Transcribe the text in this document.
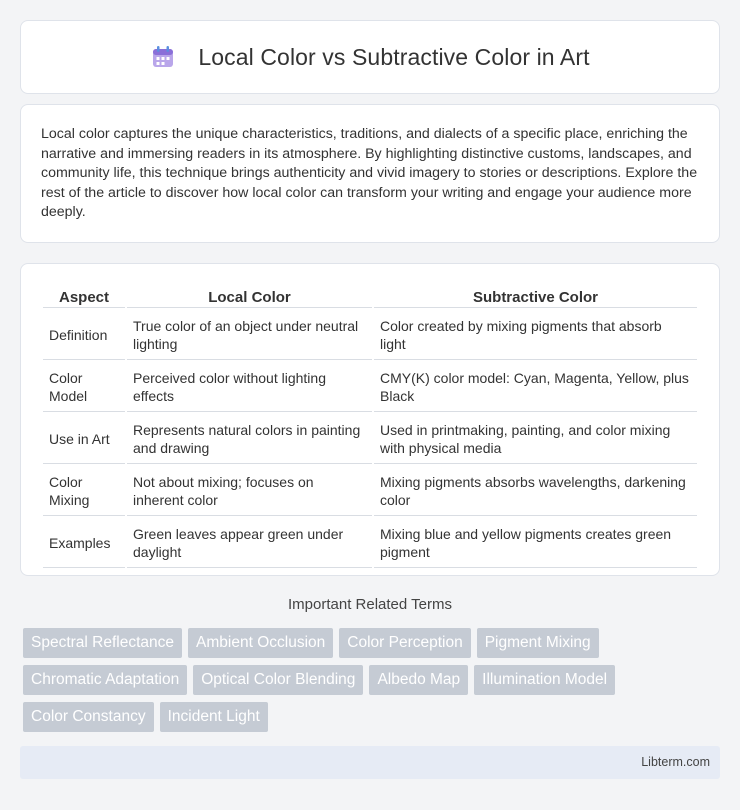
Local Color vs Subtractive Color in Art

Local color captures the unique characteristics, traditions, and dialects of a specific place, enriching the narrative and immersing readers in its atmosphere. By highlighting distinctive customs, landscapes, and community life, this technique brings authenticity and vivid imagery to stories or descriptions. Explore the rest of the article to discover how local color can transform your writing and engage your audience more deeply.

Aspect	Local Color	Subtractive Color
Definition	True color of an object under neutral lighting	Color created by mixing pigments that absorb light
Color Model	Perceived color without lighting effects	CMY(K) color model: Cyan, Magenta, Yellow, plus Black
Use in Art	Represents natural colors in painting and drawing	Used in printmaking, painting, and color mixing with physical media
Color Mixing	Not about mixing; focuses on inherent color	Mixing pigments absorbs wavelengths, darkening color
Examples	Green leaves appear green under daylight	Mixing blue and yellow pigments creates green pigment
Important Related Terms
Spectral Reflectance	Ambient Occlusion	Color Perception	Pigment Mixing
Chromatic Adaptation	Optical Color Blending	Albedo Map	Illumination Model
Color Constancy	Incident Light
Libterm.com
